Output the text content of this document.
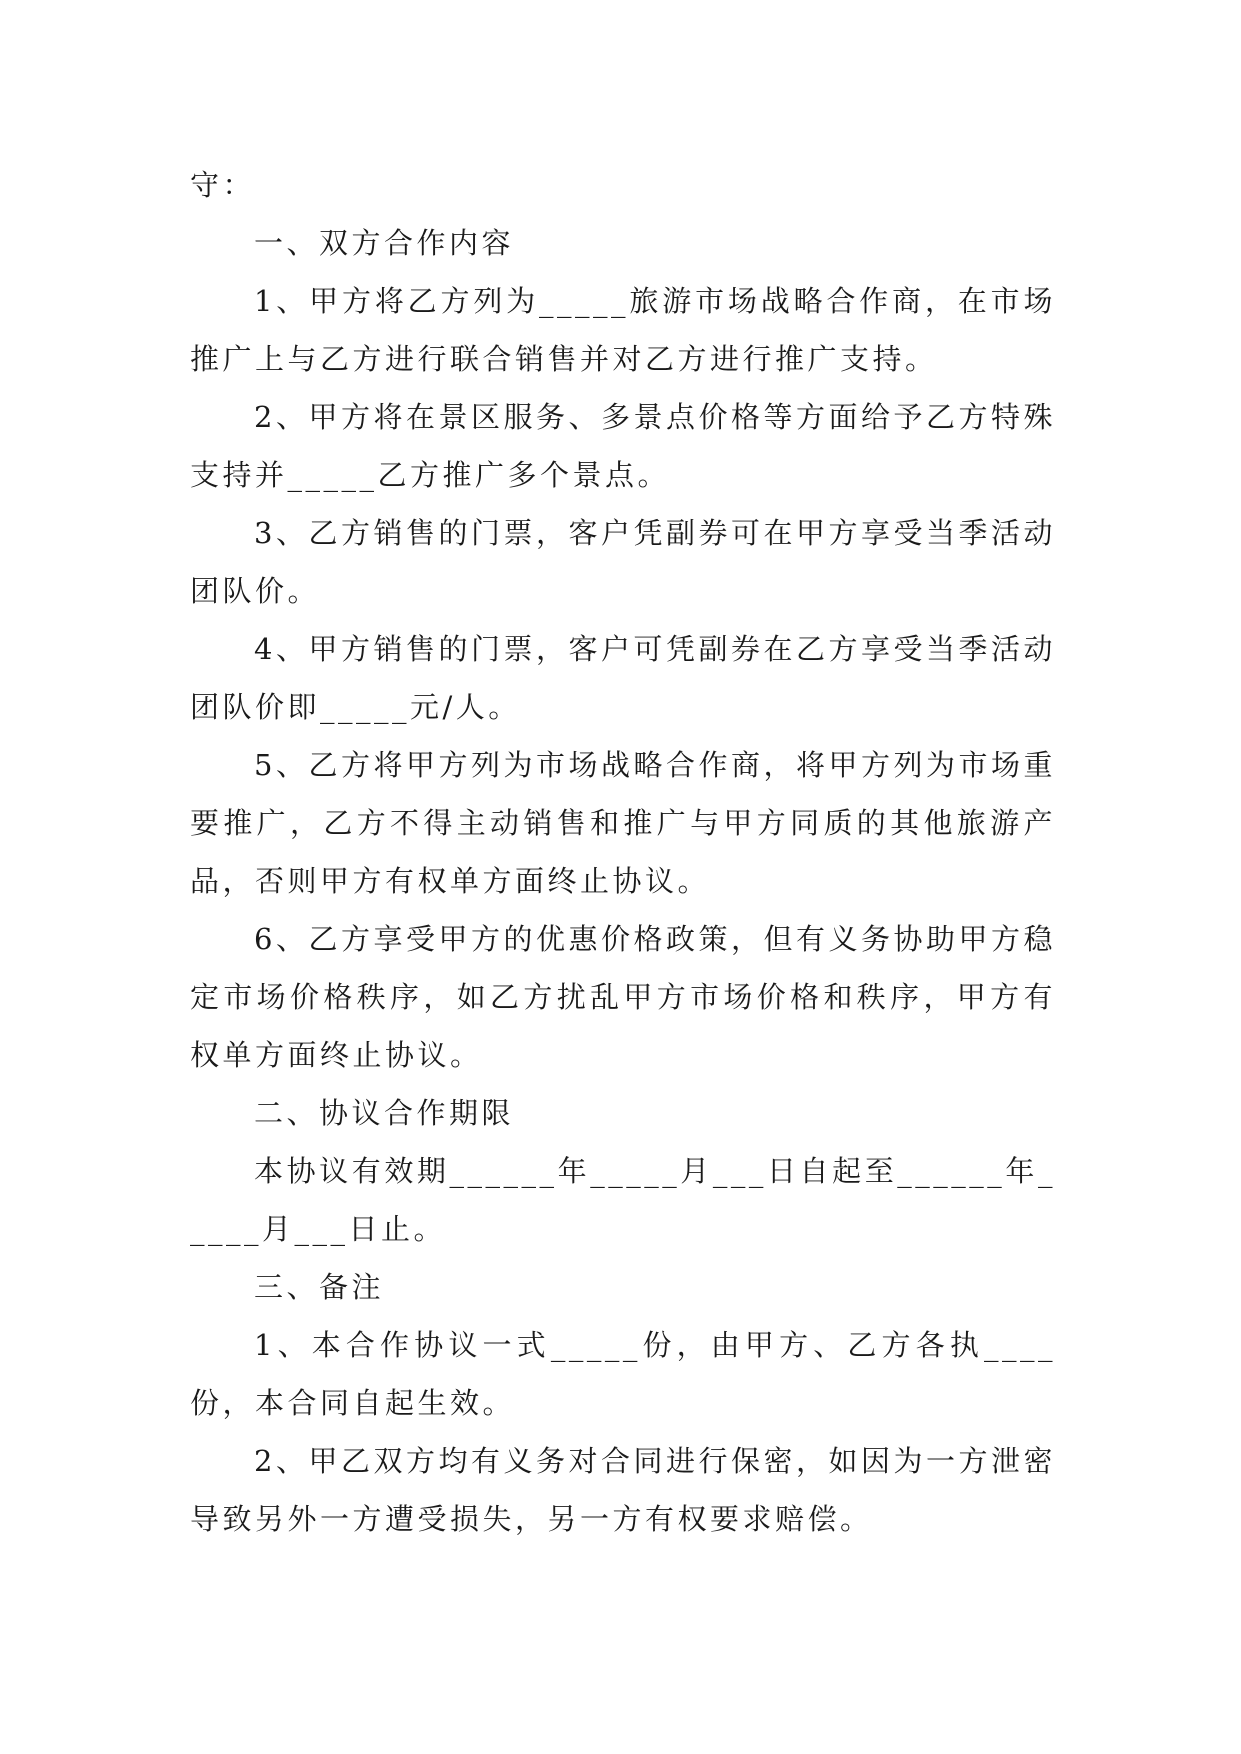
守：

一、双方合作内容

1、甲方将乙方列为_____旅游市场战略合作商，在市场推广上与乙方进行联合销售并对乙方进行推广支持。

2、甲方将在景区服务、多景点价格等方面给予乙方特殊支持并_____乙方推广多个景点。

3、乙方销售的门票，客户凭副券可在甲方享受当季活动团队价。

4、甲方销售的门票，客户可凭副券在乙方享受当季活动团队价即_____元/人。

5、乙方将甲方列为市场战略合作商，将甲方列为市场重要推广，乙方不得主动销售和推广与甲方同质的其他旅游产品，否则甲方有权单方面终止协议。

6、乙方享受甲方的优惠价格政策，但有义务协助甲方稳定市场价格秩序，如乙方扰乱甲方市场价格和秩序，甲方有权单方面终止协议。

二、协议合作期限

本协议有效期______年_____月___日自起至______年_____月___日止。

三、备注

1、本合作协议一式_____份，由甲方、乙方各执____份，本合同自起生效。

2、甲乙双方均有义务对合同进行保密，如因为一方泄密导致另外一方遭受损失，另一方有权要求赔偿。
